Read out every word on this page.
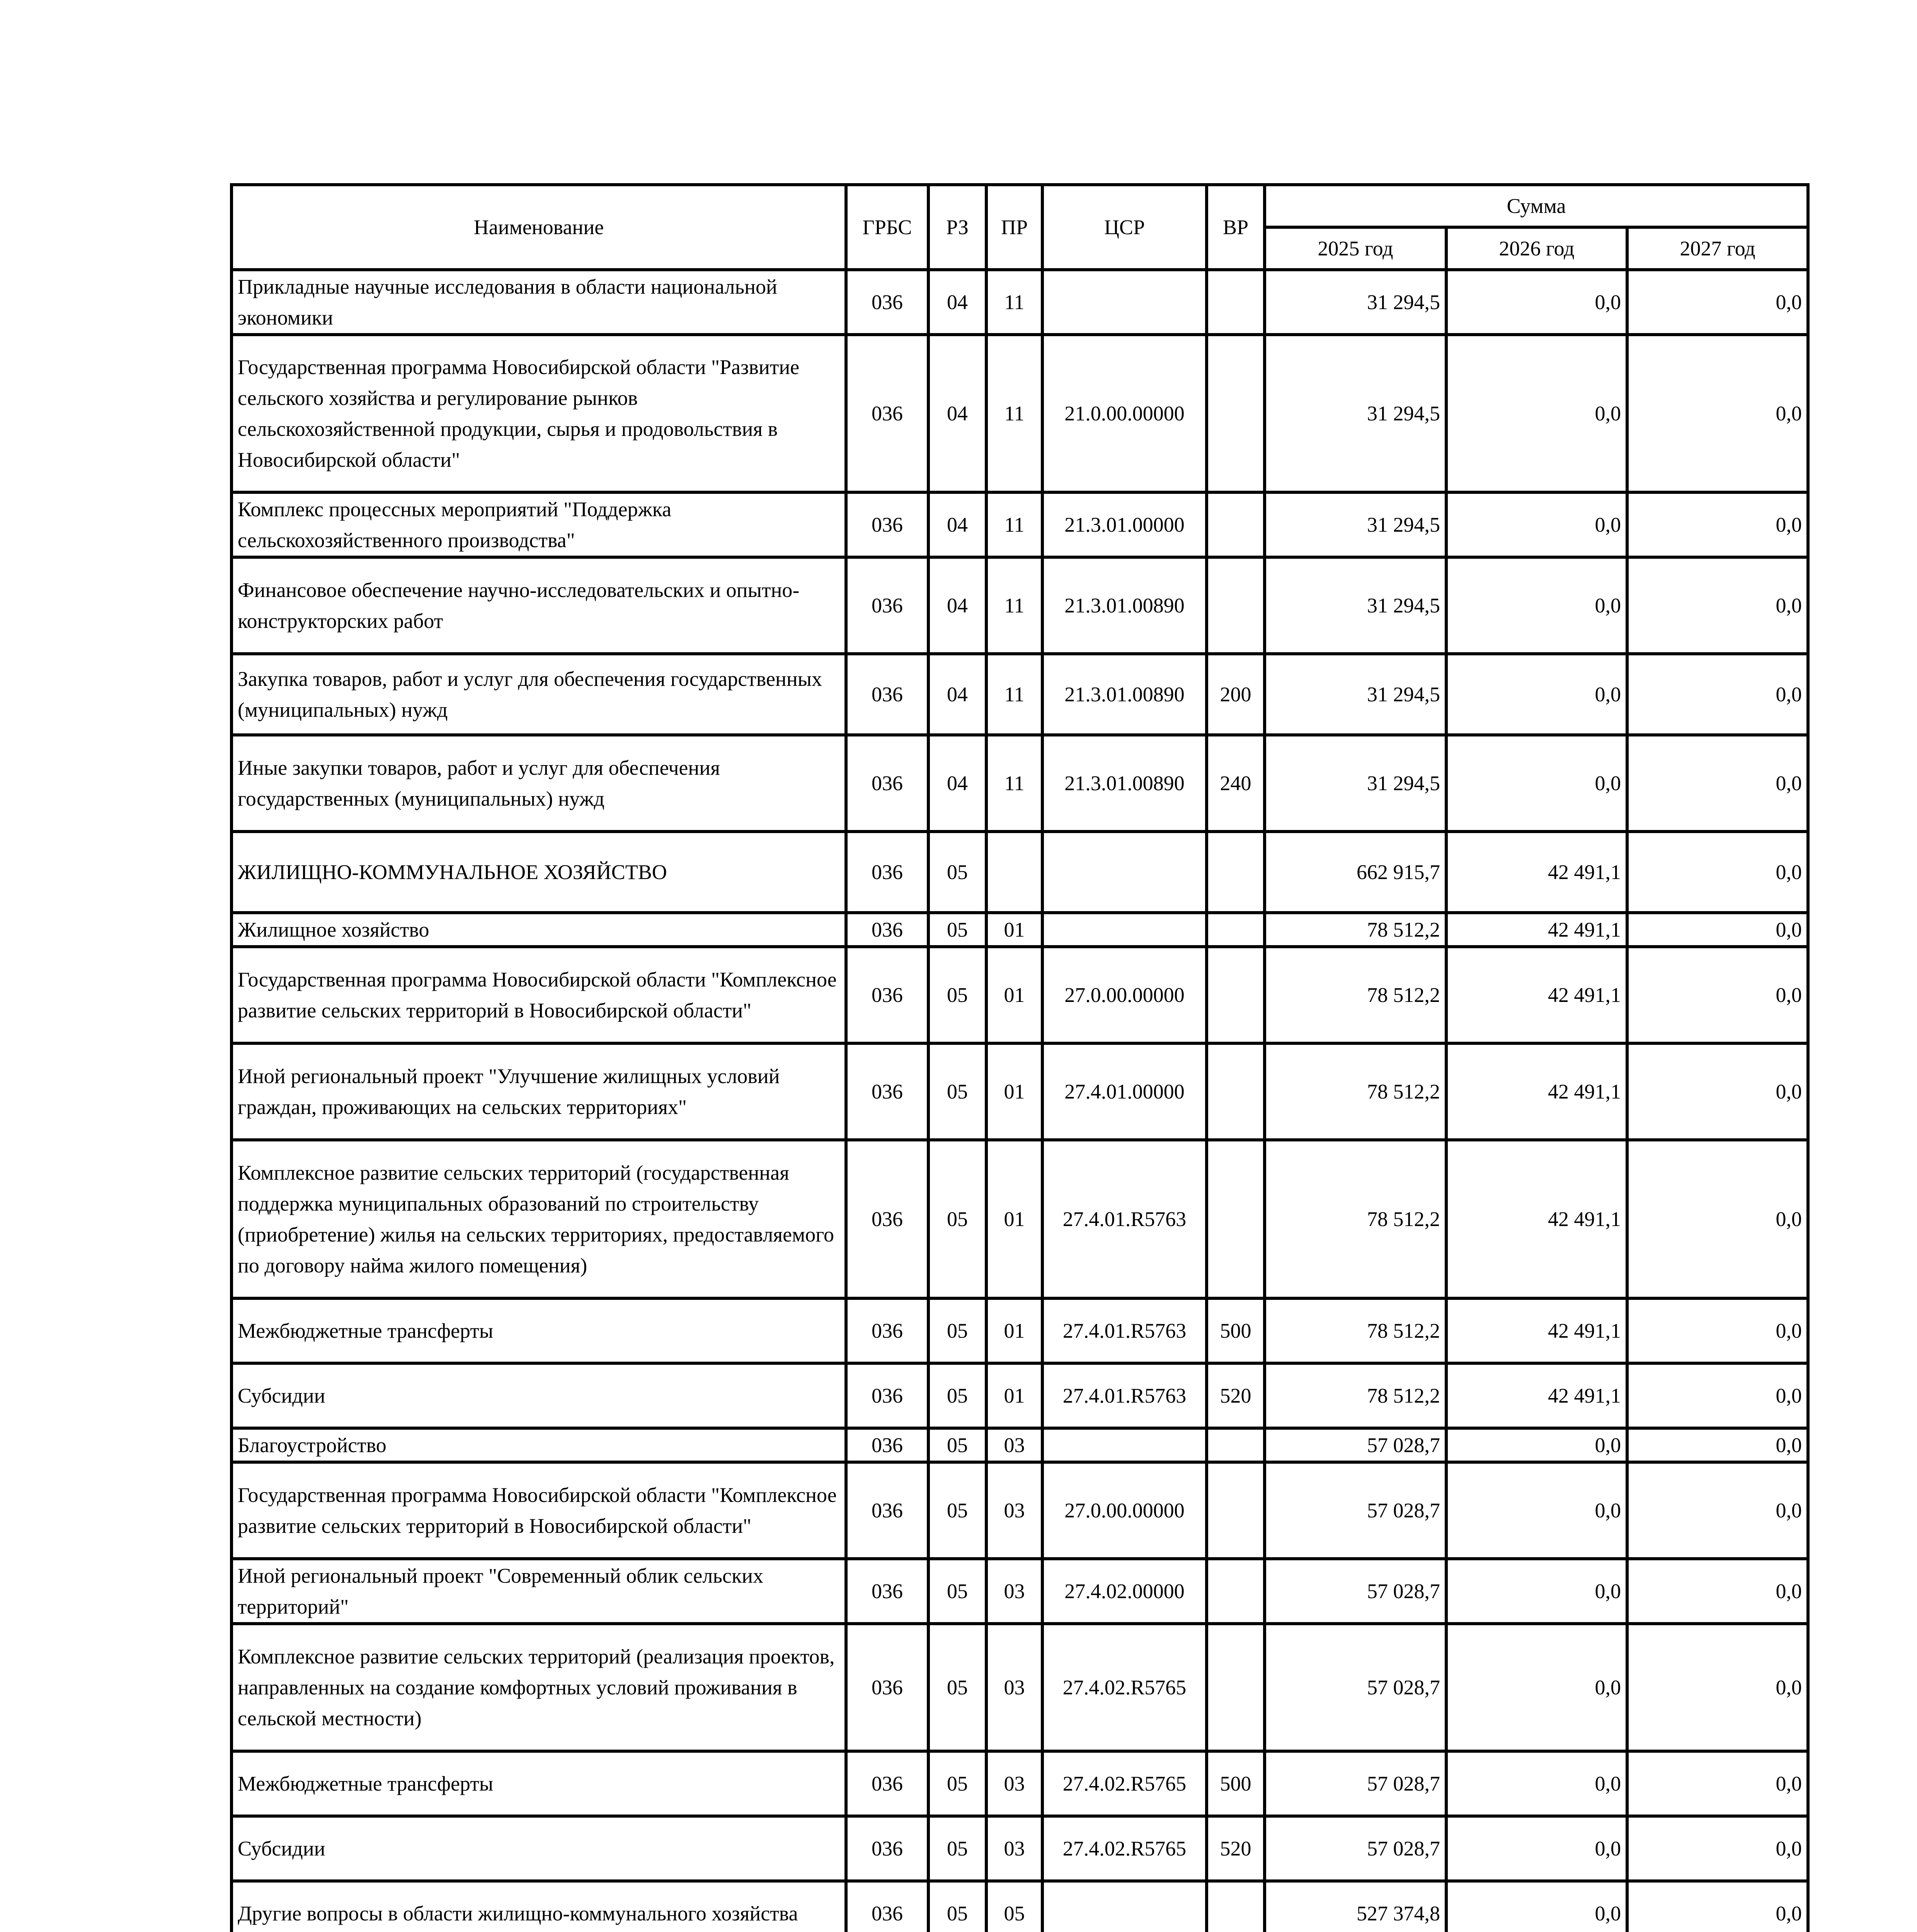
Наименование	ГРБС	РЗ	ПР	ЦСР	ВР	Сумма		
						2025 год	2026 год	2027 год
Прикладные научные исследования в области национальной экономики	036	04	11			31 294,5	0,0	0,0
Государственная программа Новосибирской области "Развитие сельского хозяйства и регулирование рынков сельскохозяйственной продукции, сырья и продовольствия в Новосибирской области"	036	04	11	21.0.00.00000		31 294,5	0,0	0,0
Комплекс процессных мероприятий "Поддержка сельскохозяйственного производства"	036	04	11	21.3.01.00000		31 294,5	0,0	0,0
Финансовое обеспечение научно-исследовательских и опытно-конструкторских работ	036	04	11	21.3.01.00890		31 294,5	0,0	0,0
Закупка товаров, работ и услуг для обеспечения государственных (муниципальных) нужд	036	04	11	21.3.01.00890	200	31 294,5	0,0	0,0
Иные закупки товаров, работ и услуг для обеспечения государственных (муниципальных) нужд	036	04	11	21.3.01.00890	240	31 294,5	0,0	0,0
ЖИЛИЩНО-КОММУНАЛЬНОЕ ХОЗЯЙСТВО	036	05				662 915,7	42 491,1	0,0
Жилищное хозяйство	036	05	01			78 512,2	42 491,1	0,0
Государственная программа Новосибирской области "Комплексное развитие сельских территорий в Новосибирской области"	036	05	01	27.0.00.00000		78 512,2	42 491,1	0,0
Иной региональный проект "Улучшение жилищных условий граждан, проживающих на сельских территориях"	036	05	01	27.4.01.00000		78 512,2	42 491,1	0,0
Комплексное развитие сельских территорий (государственная поддержка муниципальных образований по строительству (приобретение) жилья на сельских территориях, предоставляемого по договору найма жилого помещения)	036	05	01	27.4.01.R5763		78 512,2	42 491,1	0,0
Межбюджетные трансферты	036	05	01	27.4.01.R5763	500	78 512,2	42 491,1	0,0
Субсидии	036	05	01	27.4.01.R5763	520	78 512,2	42 491,1	0,0
Благоустройство	036	05	03			57 028,7	0,0	0,0
Государственная программа Новосибирской области "Комплексное развитие сельских территорий в Новосибирской области"	036	05	03	27.0.00.00000		57 028,7	0,0	0,0
Иной региональный проект "Современный облик сельских территорий"	036	05	03	27.4.02.00000		57 028,7	0,0	0,0
Комплексное развитие сельских территорий (реализация проектов, направленных на создание комфортных условий проживания в сельской местности)	036	05	03	27.4.02.R5765		57 028,7	0,0	0,0
Межбюджетные трансферты	036	05	03	27.4.02.R5765	500	57 028,7	0,0	0,0
Субсидии	036	05	03	27.4.02.R5765	520	57 028,7	0,0	0,0
Другие вопросы в области жилищно-коммунального хозяйства	036	05	05			527 374,8	0,0	0,0
